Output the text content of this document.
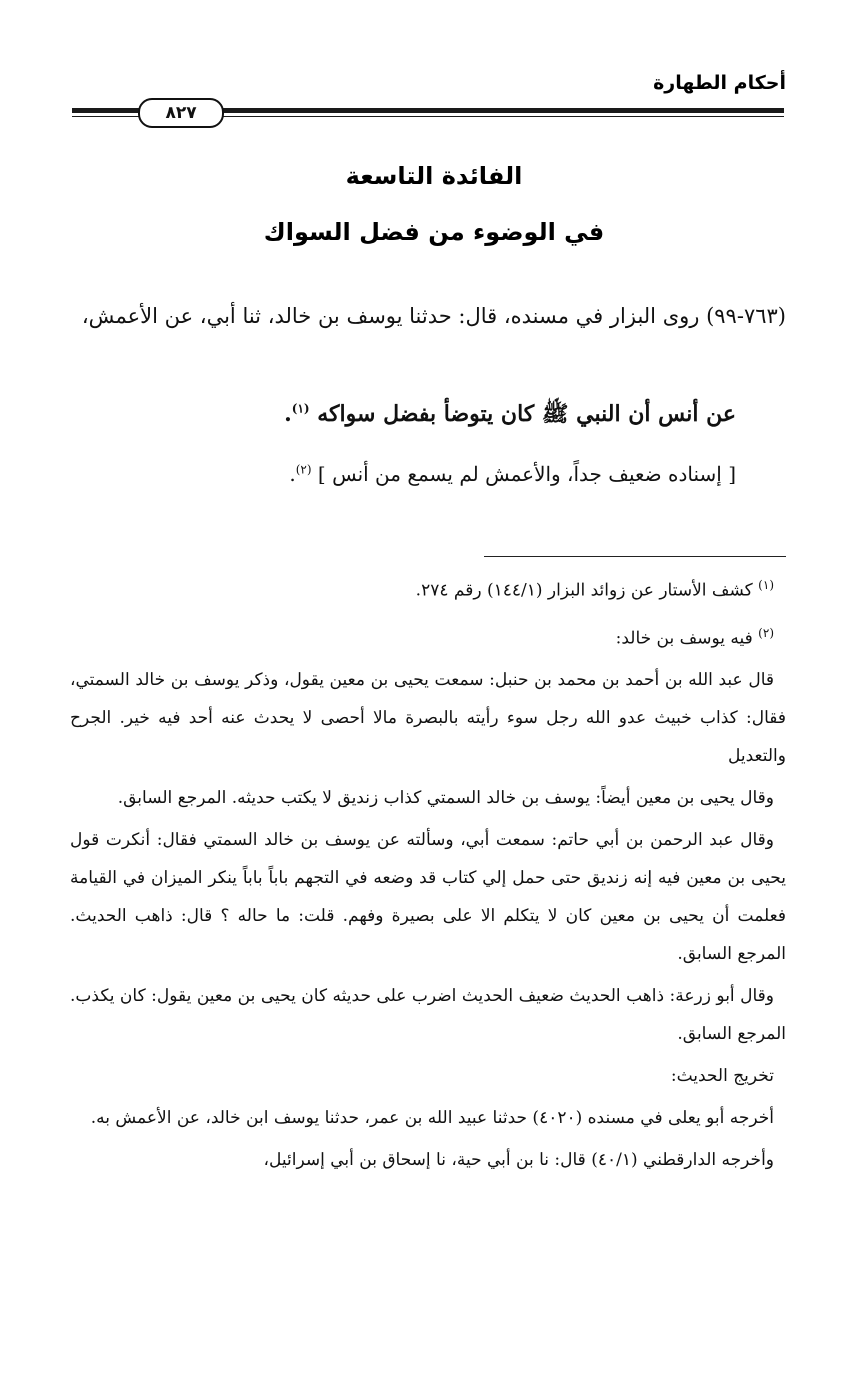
أحكام الطهارة
٨٢٧
الفائدة التاسعة
في الوضوء من فضل السواك

(٧٦٣-٩٩) روى البزار في مسنده، قال: حدثنا يوسف بن خالد، ثنا أبي، عن الأعمش،

عن أنس أن النبي ﷺ كان يتوضأ بفضل سواكه $^{(١)}$.
[ إسناده ضعيف جداً، والأعمش لم يسمع من أنس ] $^{(٢)}$.

$^{(١)}$ كشف الأستار عن زوائد البزار (١٤٤/١) رقم ٢٧٤.

$^{(٢)}$ فيه يوسف بن خالد:

قال عبد الله بن أحمد بن محمد بن حنبل: سمعت يحيى بن معين يقول، وذكر يوسف بن خالد السمتي، فقال: كذاب خبيث عدو الله رجل سوء رأيته بالبصرة مالا أحصى لا يحدث عنه أحد فيه خير. الجرح والتعديل

وقال يحيى بن معين أيضاً: يوسف بن خالد السمتي كذاب زنديق لا يكتب حديثه. المرجع السابق.

وقال عبد الرحمن بن أبي حاتم: سمعت أبي، وسألته عن يوسف بن خالد السمتي فقال: أنكرت قول يحيى بن معين فيه إنه زنديق حتى حمل إلي كتاب قد وضعه في التجهم باباً باباً ينكر الميزان في القيامة فعلمت أن يحيى بن معين كان لا يتكلم الا على بصيرة وفهم. قلت: ما حاله ؟ قال: ذاهب الحديث. المرجع السابق.

وقال أبو زرعة: ذاهب الحديث ضعيف الحديث اضرب على حديثه كان يحيى بن معين يقول: كان يكذب. المرجع السابق.

تخريج الحديث:

أخرجه أبو يعلى في مسنده (٤٠٢٠) حدثنا عبيد الله بن عمر، حدثنا يوسف ابن خالد، عن الأعمش به.

وأخرجه الدارقطني (٤٠/١) قال: نا بن أبي حية، نا إسحاق بن أبي إسرائيل،
